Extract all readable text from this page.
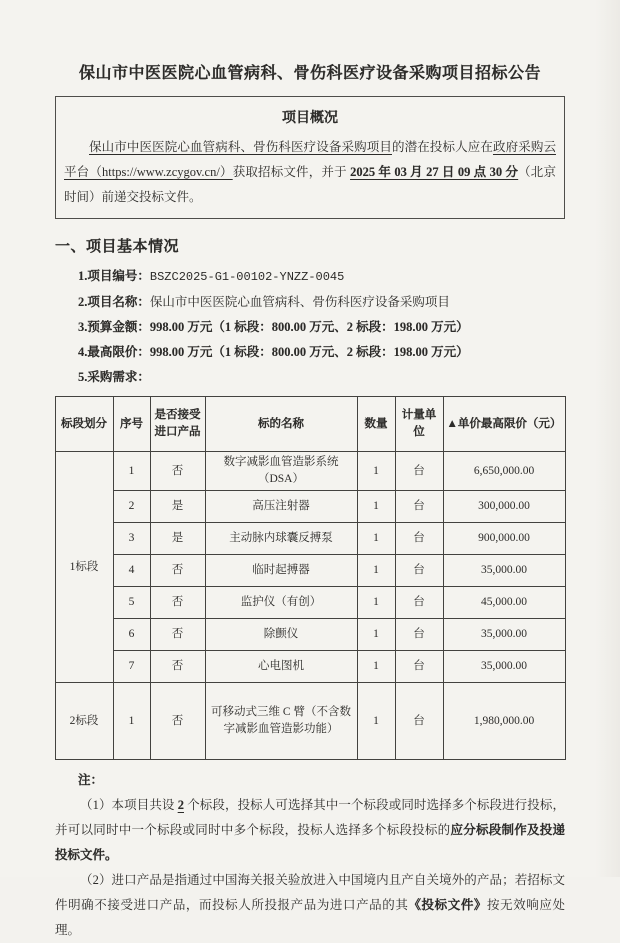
保山市中医医院心血管病科、骨伤科医疗设备采购项目招标公告
项目概况

保山市中医医院心血管病科、骨伤科医疗设备采购项目的潜在投标人应在政府采购云平台（https://www.zcygov.cn/）获取招标文件，并于 2025 年 03 月 27 日 09 点 30 分（北京时间）前递交投标文件。

一、项目基本情况
1.项目编号：BSZC2025-G1-00102-YNZZ-0045
2.项目名称：保山市中医医院心血管病科、骨伤科医疗设备采购项目
3.预算金额：998.00 万元（1 标段：800.00 万元、2 标段：198.00 万元）
4.最高限价：998.00 万元（1 标段：800.00 万元、2 标段：198.00 万元）
5.采购需求：
标段划分	序号	是否接受进口产品	标的名称	数量	计量单位	▲单价最高限价（元）
1标段	1	否	数字减影血管造影系统（DSA）	1	台	6,650,000.00
	2	是	高压注射器	1	台	300,000.00
	3	是	主动脉内球囊反搏泵	1	台	900,000.00
	4	否	临时起搏器	1	台	35,000.00
	5	否	监护仪（有创）	1	台	45,000.00
	6	否	除颤仪	1	台	35,000.00
	7	否	心电图机	1	台	35,000.00
2标段	1	否	可移动式三维 C 臂（不含数字减影血管造影功能）	1	台	1,980,000.00
注：

（1）本项目共设 2 个标段，投标人可选择其中一个标段或同时选择多个标段进行投标，并可以同时中一个标段或同时中多个标段，投标人选择多个标段投标的应分标段制作及投递投标文件。

（2）进口产品是指通过中国海关报关验放进入中国境内且产自关境外的产品；若招标文件明确不接受进口产品，而投标人所投报产品为进口产品的其《投标文件》按无效响应处理。
